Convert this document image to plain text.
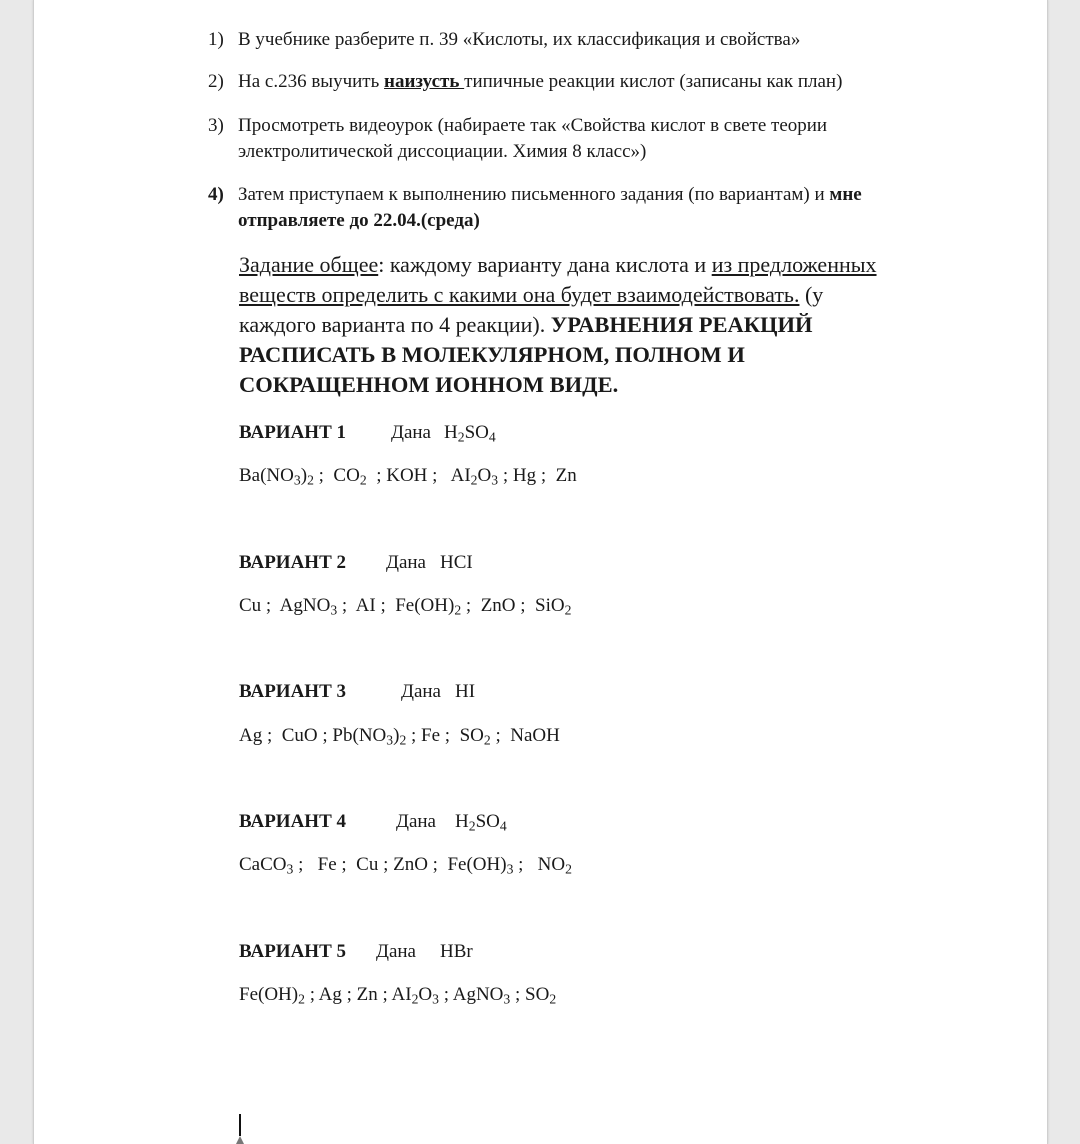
1) В учебнике разберите п. 39 «Кислоты, их классификация и свойства»
2) На с.236 выучить наизусть типичные реакции кислот (записаны как план)
3) Просмотреть видеоурок (набираете так «Свойства кислот в свете теории
электролитической диссоциации. Химия 8 класс»)
4) Затем приступаем к выполнению письменного задания (по вариантам) и мне
отправляете до 22.04.(среда)
Задание общее: каждому варианту дана кислота и из предложенных
веществ определить с какими она будет взаимодействовать. (у
каждого варианта по 4 реакции). УРАВНЕНИЯ РЕАКЦИЙ
РАСПИСАТЬ В МОЛЕКУЛЯРНОМ, ПОЛНОМ И
СОКРАЩЕННОМ ИОННОМ ВИДЕ.
ВАРИАНТ 1 Дана $H_2SO_4$
$Ba(NO_3)_2$ ;  $CO_2$  ; KOH ;   $AI_2O_3$ ; Hg ;  Zn
ВАРИАНТ 2 Дана HCI
Cu ;  AgNO$_3$ ;  AI ;  $Fe(OH)_2$ ;  ZnO ;  SiO$_2$
ВАРИАНТ 3	Дана HI
Ag ;  CuO ; $Pb(NO_3)_2$ ; Fe ;  $SO_2$ ;  NaOH
ВАРИАНТ 4	Дана $H_2SO_4$
CaCO$_3$ ;   Fe ;  Cu ; ZnO ;  $Fe(OH)_3$ ;   $NO_2$
ВАРИАНТ 5 Дана HBr
$Fe(OH)_2$ ; Ag ; Zn ; $AI_2O_3$ ; AgNO$_3$ ; $SO_2$
